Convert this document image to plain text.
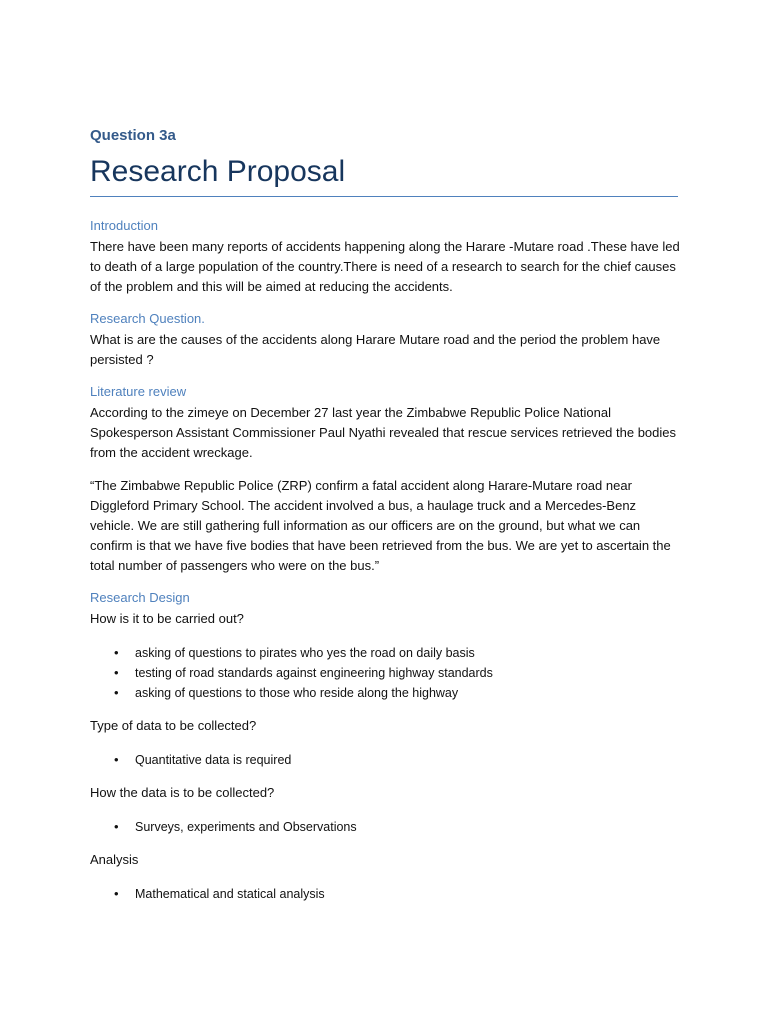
Question 3a
Research Proposal
Introduction

There have been many reports of accidents happening along the Harare -Mutare road .These have led to death of a large population of the country.There is need of a research to search for the chief causes of the problem and this will be aimed at reducing the accidents.

Research Question.

What is are the causes of the accidents along Harare Mutare road and the period the problem have persisted ?

Literature review

According to the zimeye on December 27 last year the Zimbabwe Republic Police National Spokesperson Assistant Commissioner Paul Nyathi revealed that rescue services retrieved the bodies from the accident wreckage.

“The Zimbabwe Republic Police (ZRP) confirm a fatal accident along Harare-Mutare road near Diggleford Primary School. The accident involved a bus, a haulage truck and a Mercedes-Benz vehicle. We are still gathering full information as our officers are on the ground, but what we can confirm is that we have five bodies that have been retrieved from the bus. We are yet to ascertain the total number of passengers who were on the bus.”

Research Design

How is it to be carried out?

• asking of questions to pirates who yes the road on daily basis
• testing of road standards against engineering highway standards
• asking of questions to those who reside along the highway

Type of data to be collected?

• Quantitative data is required

How the data is to be collected?

• Surveys, experiments and Observations

Analysis

• Mathematical and statical analysis
